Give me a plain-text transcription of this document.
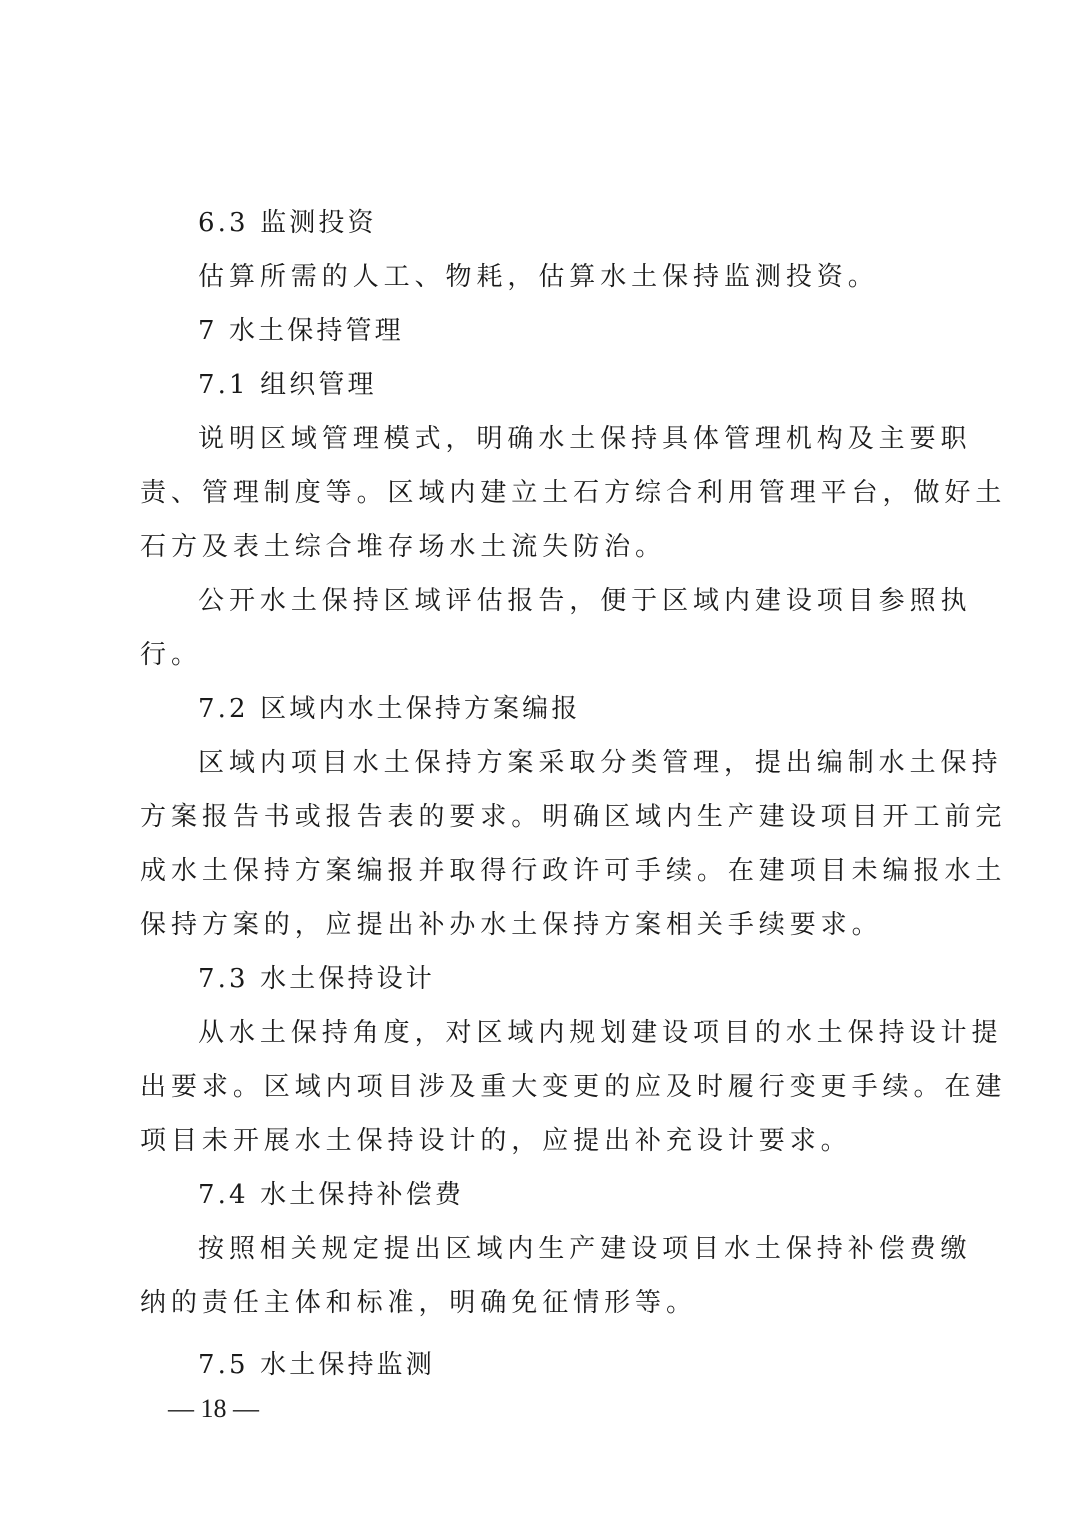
6.3 监测投资
估算所需的人工、物耗，估算水土保持监测投资。
7 水土保持管理
7.1 组织管理
说明区域管理模式，明确水土保持具体管理机构及主要职
责、管理制度等。区域内建立土石方综合利用管理平台，做好土
石方及表土综合堆存场水土流失防治。
公开水土保持区域评估报告，便于区域内建设项目参照执
行。
7.2 区域内水土保持方案编报
区域内项目水土保持方案采取分类管理，提出编制水土保持
方案报告书或报告表的要求。明确区域内生产建设项目开工前完
成水土保持方案编报并取得行政许可手续。在建项目未编报水土
保持方案的，应提出补办水土保持方案相关手续要求。
7.3 水土保持设计
从水土保持角度，对区域内规划建设项目的水土保持设计提
出要求。区域内项目涉及重大变更的应及时履行变更手续。在建
项目未开展水土保持设计的，应提出补充设计要求。
7.4 水土保持补偿费
按照相关规定提出区域内生产建设项目水土保持补偿费缴
纳的责任主体和标准，明确免征情形等。
7.5 水土保持监测
— 18 —
